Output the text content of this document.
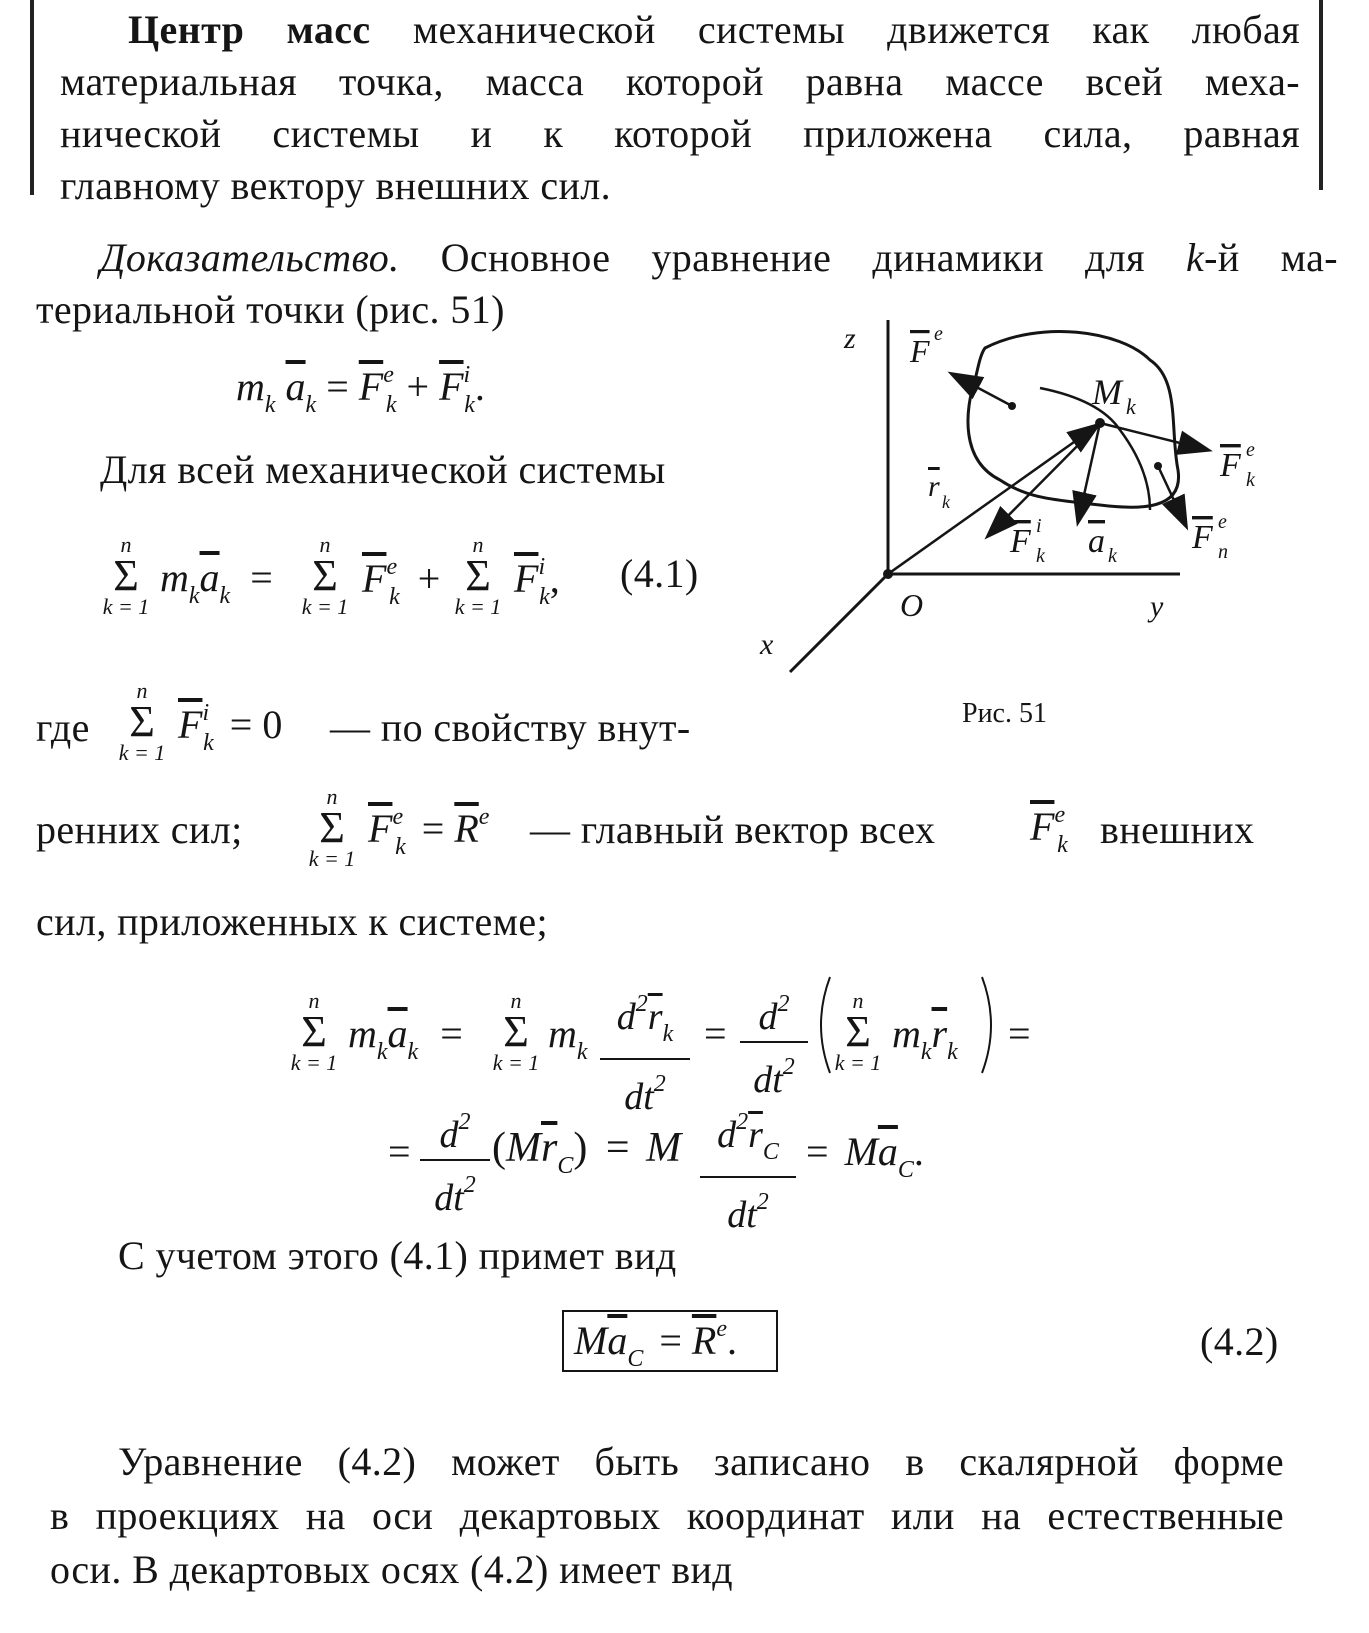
Центр масс механической системы движется как любая
материальная точка, масса которой равна массе всей меха-
нической системы и к которой приложена сила, равная
главному вектору внешних сил.
Доказательство. Основное уравнение динамики для k-й ма-
териальной точки (рис. 51)
$m_k$ $\overline{a}_k = \overline{F}^e_k + \overline{F}^i_k$.
Для всей механической системы
n
Σ
k = 1
$m_k\overline{a}_k$ =
n
Σ
k = 1
$\overline{F}^e_k$ +
n
Σ
k = 1
$\overline{F}^i_k$, (4.1)
где
n
Σ
k = 1
$\overline{F}^i_k = 0$ — по свойству внут-
ренних сил;
n
Σ
k = 1
$\overline{F}^e_k = \overline{R}^e$ — главный вектор всех $\overline{F}^e_k$ внешних
сил, приложенных к системе;
n
Σ
k = 1
$m_k\overline{a}_k$ =
n
Σ
k = 1
$m_k$
$d^2\overline{r}_k$
$dt^2$
= $d^2$
$dt^2$
n
Σ
k = 1
$m_k\overline{r}_k$ =
= $d^2$
$dt^2$
$(M\overline{r}_C) = M$ $d^2\overline{r}_C$
$dt^2$
= $M\overline{a}_C$.
С учетом этого (4.1) примет вид
$M\overline{a}_C = \overline{R}^e$.	(4.2)
Уравнение (4.2) может быть записано в скалярной форме
в проекциях на оси декартовых координат или на естественные
оси. В декартовых осях (4.2) имеет вид
z
y
x
O
M k
r k
F e
F e
k
F i
k a k F e
n
Рис. 51
